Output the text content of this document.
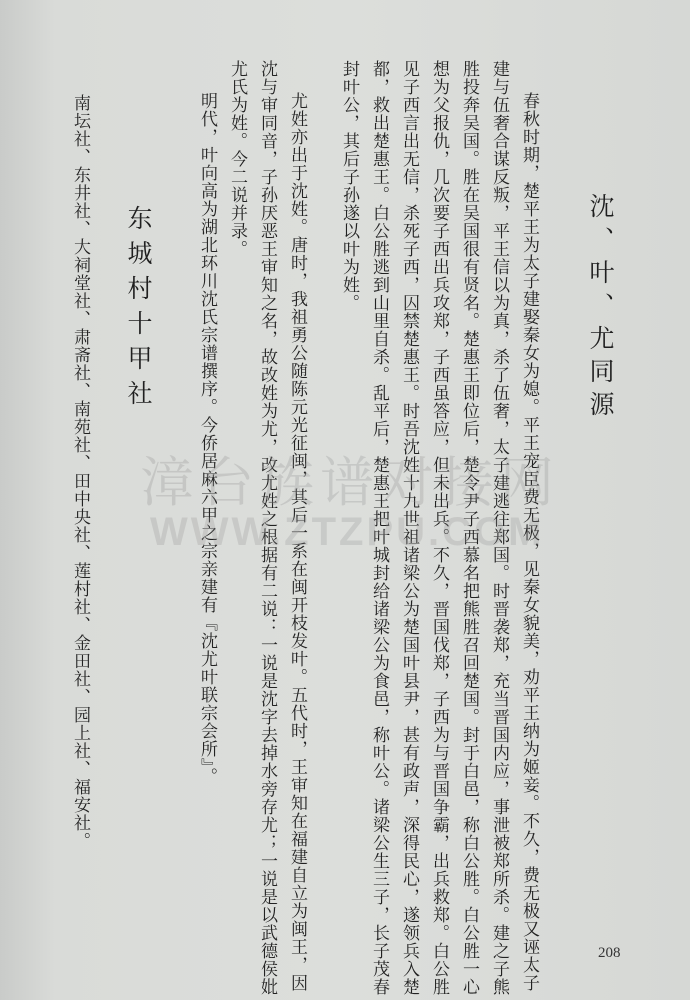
沈、叶、尤同源
春秋时期，楚平王为太子建娶秦女为媳。平王宠臣费无极，见秦女貌美，劝平王纳为姬妾。不久，费无极又诬太子
建与伍奢合谋反叛，平王信以为真，杀了伍奢，太子建逃往郑国。时晋袭郑，充当晋国内应，事泄被郑所杀。建之子熊
胜投奔吴国。胜在吴国很有贤名。楚惠王即位后，楚令尹子西慕名把熊胜召回楚国。封于白邑，称白公胜。白公胜一心
想为父报仇，几次要子西出兵攻郑，子西虽答应，但未出兵。不久，晋国伐郑，子西为与晋国争霸，出兵救郑。白公胜
见子西言出无信，杀死子西，囚禁楚惠王。时吾沈姓十九世祖诸梁公为楚国叶县尹，甚有政声，深得民心，遂领兵入楚
都，救出楚惠王。白公胜逃到山里自杀。乱平后，楚惠王把叶城封给诸梁公为食邑，称叶公。诸梁公生三子，长子茂春
封叶公，其后子孙遂以叶为姓。
尤姓亦出于沈姓。唐时，我祖勇公随陈元光征闽，其后一系在闽开枝发叶。五代时，王审知在福建自立为闽王，因
沈与审同音，子孙厌恶王审知之名，故改姓为尤，改尤姓之根据有二说：一说是沈字去掉水旁存尤；一说是以武德侯妣
尤氏为姓。今二说并录。
明代，叶向高为湖北环川沈氏宗谱撰序。今侨居麻六甲之宗亲建有『沈尤叶联宗会所』。
东城村十甲社
南坛社、东井社、大祠堂社、肃斋社、南苑社、田中央社、莲村社、金田社、园上社、福安社。 漳台族谱对接网
WWW.ZTZPU.COM
208
